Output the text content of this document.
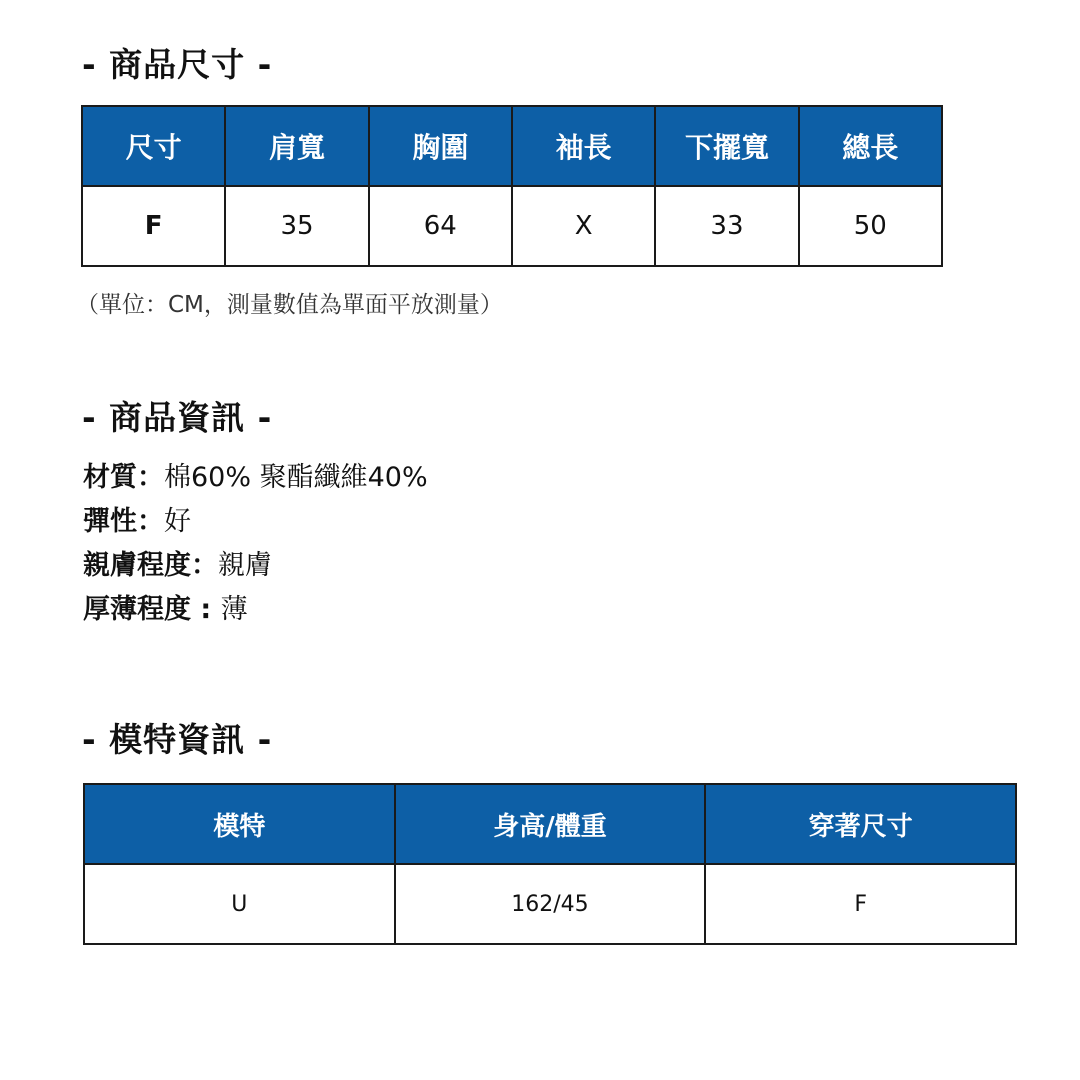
- 商品尺寸 -
尺寸	肩寬	胸圍	袖長	下擺寬	總長
F	35	64	X	33	50

（單位：CM，測量數值為單面平放測量）

- 商品資訊 -

材質：棉60% 聚酯纖維40%

彈性：好

親膚程度：親膚

厚薄程度 : 薄

- 模特資訊 -
模特	身高/體重	穿著尺寸
U	162/45	F
